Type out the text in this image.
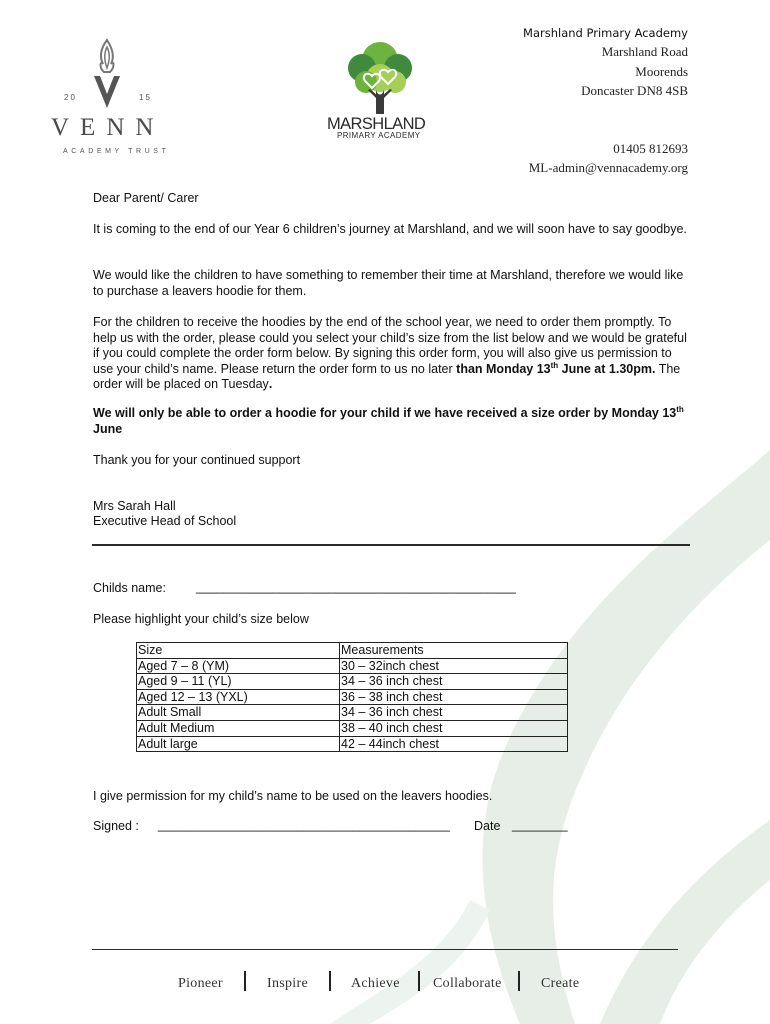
20	15
VENN
ACADEMY TRUST
MARSHLAND
PRIMARY ACADEMY
Marshland Primary Academy
Marshland Road
Moorends
Doncaster DN8 4SB
01405 812693
ML-admin@vennacademy.org

Dear Parent/ Carer

It is coming to the end of our Year 6 children’s journey at Marshland, and we will soon have to say goodbye.

We would like the children to have something to remember their time at Marshland, therefore we would like to purchase a leavers hoodie for them.

For the children to receive the hoodies by the end of the school year, we need to order them promptly. To help us with the order, please could you select your child’s size from the list below and we would be grateful if you could complete the order form below. By signing this order form, you will also give us permission to use your child’s name. Please return the order form to us no later than Monday 13th June at 1.30pm. The order will be placed on Tuesday.

We will only be able to order a hoodie for your child if we have received a size order by Monday 13th June

Thank you for your continued support

Mrs Sarah Hall

Executive Head of School

Childs name:	______________________________________________

Please highlight your child’s size below

Size	Measurements
Aged 7 – 8 (YM)	30 – 32inch chest
Aged 9 – 11 (YL)	34 – 36 inch chest
Aged 12 – 13 (YXL)	36 – 38 inch chest
Adult Small	34 – 36 inch chest
Adult Medium	38 – 40 inch chest
Adult large	42 – 44inch chest

I give permission for my child’s name to be used on the leavers hoodies.

Signed :	__________________________________________	Date ________

Pioneer	Inspire	Achieve Collaborate	Create
